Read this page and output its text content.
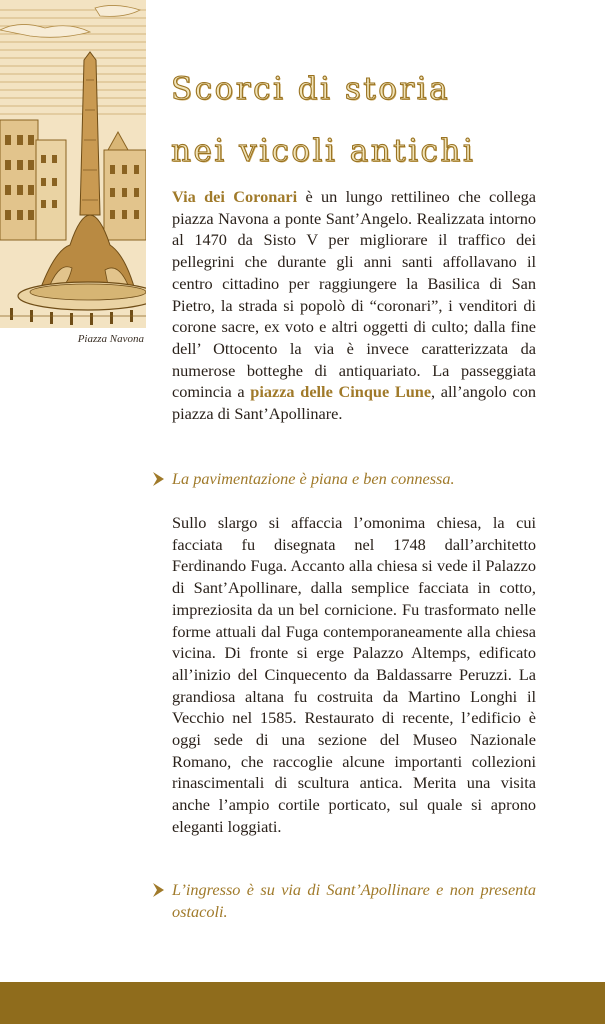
Piazza Navona
Scorci di storia
nei vicoli antichi

Via dei Coronari è un lungo rettilineo che collega piazza Navona a ponte Sant’Angelo. Realizzata intorno al 1470 da Sisto V per migliorare il traffico dei pellegrini che durante gli anni santi affollavano il centro cittadino per raggiungere la Basilica di San Pietro, la strada si popolò di “coronari”, i venditori di corone sacre, ex voto e altri oggetti di culto; dalla fine dell’ Ottocento la via è invece caratterizzata da numerose botteghe di antiquariato. La passeggiata comincia a piazza delle Cinque Lune, all’angolo con piazza di Sant’Apollinare.

La pavimentazione è piana e ben connessa.

Sullo slargo si affaccia l’omonima chiesa, la cui facciata fu disegnata nel 1748 dall’architetto Ferdinando Fuga. Accanto alla chiesa si vede il Palazzo di Sant’Apollinare, dalla semplice facciata in cotto, impreziosita da un bel cornicione. Fu trasformato nelle forme attuali dal Fuga contemporaneamente alla chiesa vicina. Di fronte si erge Palazzo Altemps, edificato all’inizio del Cinquecento da Baldassarre Peruzzi. La grandiosa altana fu costruita da Martino Longhi il Vecchio nel 1585. Restaurato di recente, l’edificio è oggi sede di una sezione del Museo Nazionale Romano, che raccoglie alcune importanti collezioni rinascimentali di scultura antica. Merita una visita anche l’ampio cortile porticato, sul quale si aprono eleganti loggiati.

L’ingresso è su via di Sant’Apollinare e non presenta ostacoli.
